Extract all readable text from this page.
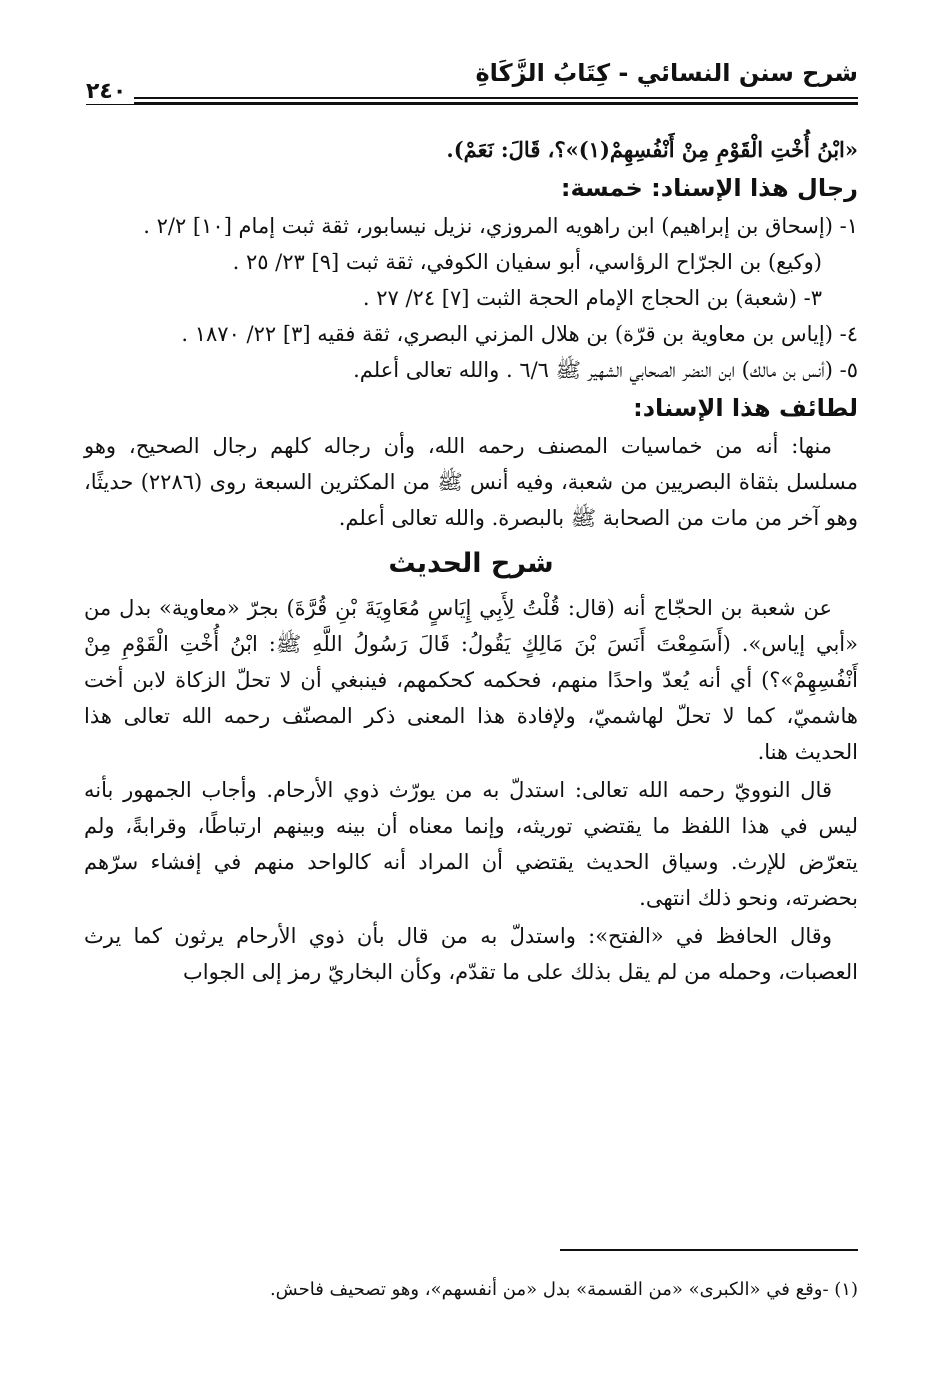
شرح سنن النسائي - كِتَابُ الزَّكَاةِ
٢٤٠

«ابْنُ أُخْتِ الْقَوْمِ مِنْ أَنْفُسِهِمْ(١)»؟، قَالَ: نَعَمْ).

رجال هذا الإسناد: خمسة:

١- (إسحاق بن إبراهيم) ابن راهويه المروزي، نزيل نيسابور، ثقة ثبت إمام [١٠] ٢/٢ .

(وكيع) بن الجرّاح الرؤاسي، أبو سفيان الكوفي، ثقة ثبت [٩] ٢٣/ ٢٥ .

٣- (شعبة) بن الحجاج الإمام الحجة الثبت [٧] ٢٤/ ٢٧ .

٤- (إياس بن معاوية بن قرّة) بن هلال المزني البصري، ثقة فقيه [٣] ٢٢/ ١٨٧٠ .

٥- (أنس بن مالك) ابن النضر الصحابي الشهير ﷺ ٦/٦ . والله تعالى أعلم.

لطائف هذا الإسناد:

منها: أنه من خماسيات المصنف رحمه الله، وأن رجاله كلهم رجال الصحيح، وهو مسلسل بثقاة البصريين من شعبة، وفيه أنس ﷺ من المكثرين السبعة روى (٢٢٨٦) حديثًا، وهو آخر من مات من الصحابة ﷺ بالبصرة. والله تعالى أعلم.

شرح الحديث

عن شعبة بن الحجّاج أنه (قال: قُلْتُ لِأَبِي إِيَاسٍ مُعَاوِيَةَ بْنِ قُرَّةَ) بجرّ «معاوية» بدل من «أبي إياس». (أَسَمِعْتَ أَنَسَ بْنَ مَالِكٍ يَقُولُ: قَالَ رَسُولُ اللَّهِ ﷺ: ابْنُ أُخْتِ الْقَوْمِ مِنْ أَنْفُسِهِمْ»؟) أي أنه يُعدّ واحدًا منهم، فحكمه كحكمهم، فينبغي أن لا تحلّ الزكاة لابن أخت هاشميّ، كما لا تحلّ لهاشميّ، ولإفادة هذا المعنى ذكر المصنّف رحمه الله تعالى هذا الحديث هنا.

قال النوويّ رحمه الله تعالى: استدلّ به من يورّث ذوي الأرحام. وأجاب الجمهور بأنه ليس في هذا اللفظ ما يقتضي توريثه، وإنما معناه أن بينه وبينهم ارتباطًا، وقرابةً، ولم يتعرّض للإرث. وسياق الحديث يقتضي أن المراد أنه كالواحد منهم في إفشاء سرّهم بحضرته، ونحو ذلك انتهى.

وقال الحافظ في «الفتح»: واستدلّ به من قال بأن ذوي الأرحام يرثون كما يرث العصبات، وحمله من لم يقل بذلك على ما تقدّم، وكأن البخاريّ رمز إلى الجواب

(١) -وقع في «الكبرى» «من القسمة» بدل «من أنفسهم»، وهو تصحيف فاحش.
